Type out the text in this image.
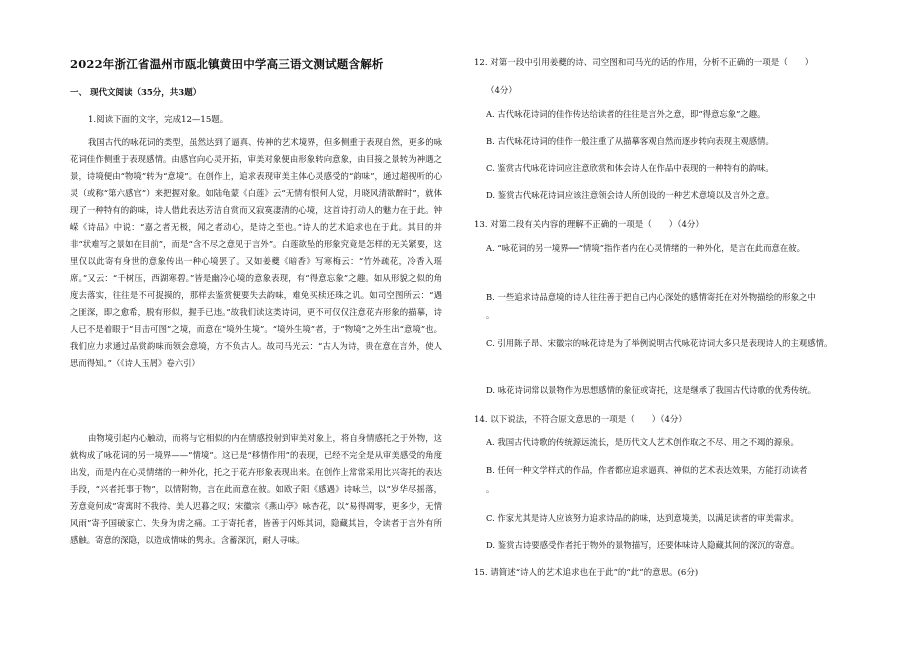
2022年浙江省温州市瓯北镇黄田中学高三语文测试题含解析
一、 现代文阅读（35分，共3题）
1.阅读下面的文字，完成12—15题。

我国古代的咏花词的类型，虽然达到了逼真、传神的艺术境界，但多侧重于表现自然，更多的咏花词佳作侧重于表现感情。由感官向心灵开拓，审美对象便由形象转向意象，由目接之景转为神遇之景，诗境便由“物境”转为“意境”。在创作上，追求表现审美主体心灵感受的“韵味”，通过超视听的心灵（或称“第六感官”）来把握对象。如陆龟蒙《白莲》云“无情有恨何人觉，月晓风清欲醉时”，就体现了一种特有的韵味，诗人借此表达芳洁自赏而又寂寞凄清的心境，这首诗打动人的魅力在于此。钟嵘《诗品》中说：“嘉之者无极，闻之者动心，是诗之至也。”诗人的艺术追求也在于此。其目的并非“状难写之景如在目前”，而是“含不尽之意见于言外”。白莲欲坠的形象究竟是怎样的无关紧要，这里仅以此寄有身世的意象传出一种心境罢了。又如姜夔《暗香》写寒梅云：“竹外疏花，冷香入瑶席。”又云：“千树压，西湖寒碧。”皆是幽冷心境的意象表现，有“得意忘象”之趣。如从形貌之似的角度去落实，往往是不可捉摸的，那样去鉴赏便要失去韵味，难免买椟还珠之讥。如司空图所云：“遇之匪深，即之愈希，脱有形似，握手已违。”故我们读这类诗词，更不可仅仅注意花卉形象的描摹，诗人已不是着眼于“目击可图”之境，而意在“境外生境”。“境外生境”者，于“物境”之外生出“意境”也。我们应力求通过品赏韵味而领会意境，方不负古人。故司马光云：“古人为诗，贵在意在言外，使人思而得知。”（《诗人玉屑》卷六引）

由物境引起内心触动，而将与它相似的内在情感投射到审美对象上，将自身情感托之于外物，这就构成了咏花词的另一境界——“情境”。这已是“移情作用”的表现，已经不完全是从审美感受的角度出发，而是内在心灵情绪的一种外化，托之于花卉形象表现出来。在创作上常常采用比兴寄托的表达手段，“兴者托事于物”，以情附物，言在此而意在彼。如欧子阳《感遇》诗咏兰，以“岁华尽摇落，芳意竟何成”寄寓时不我待、美人迟暮之叹；宋徽宗《燕山亭》咏杏花，以“易得凋零，更多少，无情风雨”寄予国破家亡、失身为虏之痛。工于寄托者，皆善于闪烁其词，隐藏其旨，令读者于言外有所感触。寄意的深隐，以造成情味的隽永。含蓄深沉，耐人寻味。

12. 对第一段中引用姜夔的诗、司空图和司马光的话的作用，分析不正确的一项是（　　）
（4分）
A. 古代咏花诗词的佳作传达给读者的往往是言外之意，即“得意忘象”之趣。
B. 古代咏花诗词的佳作一般注重了从描摹客观自然而逐步转向表现主观感情。
C. 鉴赏古代咏花诗词应注意欣赏和体会诗人在作品中表现的一种特有的韵味。
D. 鉴赏古代咏花诗词应该注意领会诗人所创设的一种艺术意境以及言外之意。
13. 对第二段有关内容的理解不正确的一项是（　　）（4分）
A. “咏花词的另一境界──“情境”指作者内在心灵情绪的一种外化，是言在此而意在彼。
B. 一些追求诗品意境的诗人往往善于把自己内心深处的感情寄托在对外物描绘的形象之中
。
C. 引用陈子昂、宋徽宗的咏花诗是为了举例说明古代咏花诗词大多只是表现诗人的主观感情。
D. 咏花诗词常以景物作为思想感情的象征或寄托，这是继承了我国古代诗歌的优秀传统。
14. 以下说法，不符合原文意思的一项是（　　）（4分）
A. 我国古代诗歌的传统源远流长，是历代文人艺术创作取之不尽、用之不竭的源泉。
B. 任何一种文学样式的作品，作者都应追求逼真、神似的艺术表达效果，方能打动读者
。
C. 作家尤其是诗人应该努力追求诗品的韵味，达到意境美，以满足读者的审美需求。
D. 鉴赏古诗要感受作者托于物外的景物描写，还要体味诗人隐藏其间的深沉的寄意。
15. 请简述“诗人的艺术追求也在于此”的“此”的意思。(6分)
